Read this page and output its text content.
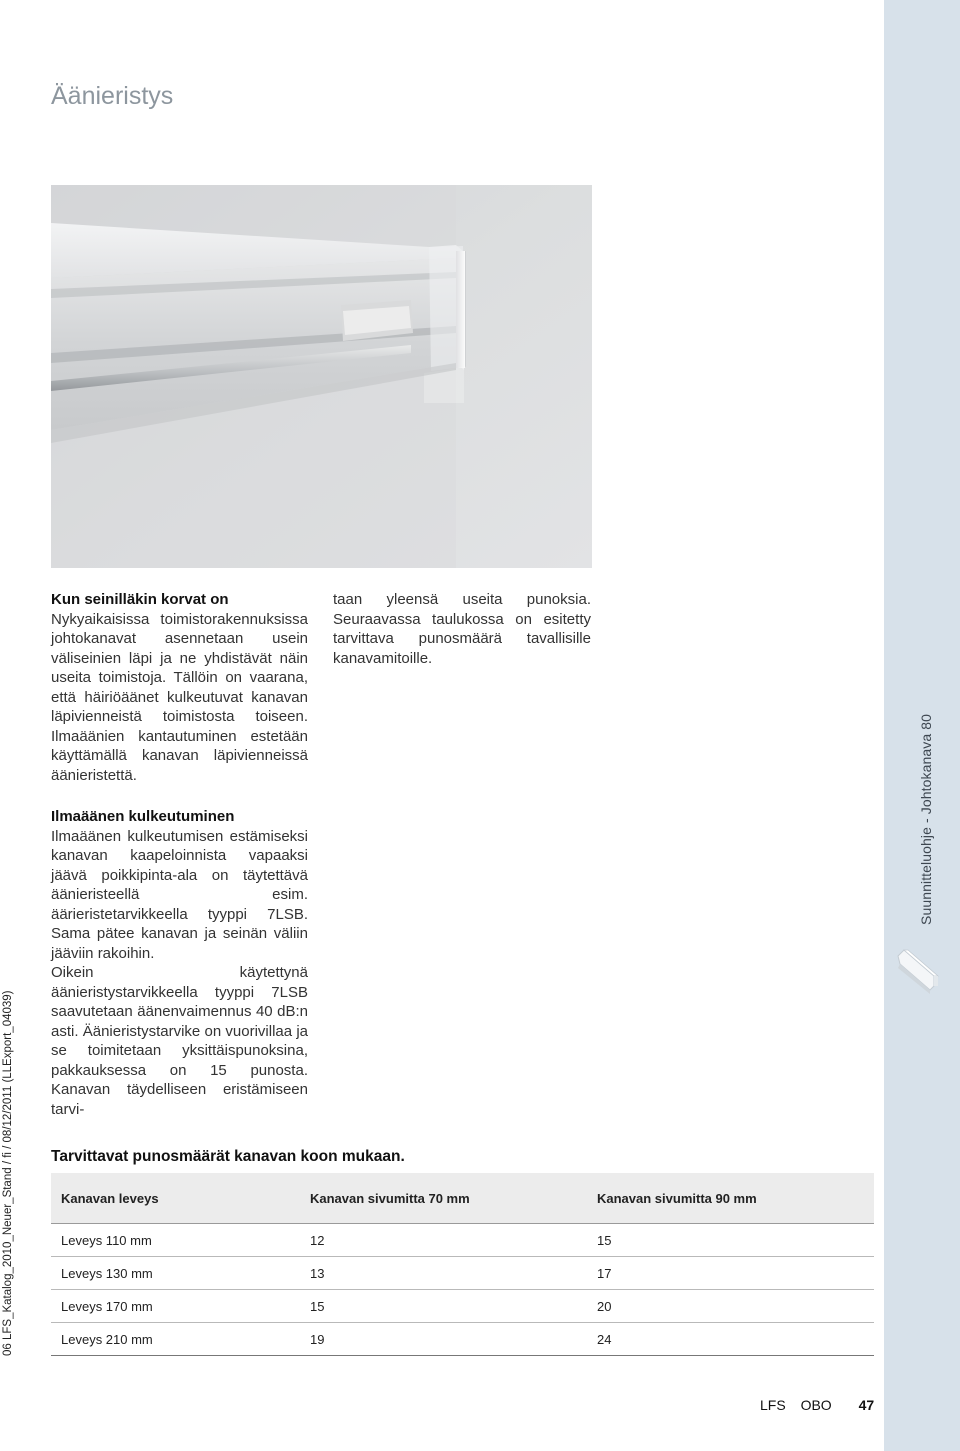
Suunnitteluohje - Johtokanava 80
06 LFS_Katalog_2010_Neuer_Stand / fi / 08/12/2011 (LLExport_04039)
Äänieristys
Kun seinilläkin korvat on

Nykyaikaisissa toimistorakennuksissa johtokanavat asennetaan usein väliseinien läpi ja ne yhdistävät näin useita toimistoja. Tällöin on vaarana, että häiriöäänet kulkeutuvat kanavan läpivienneistä toimistosta toiseen. Ilmaäänien kantautuminen estetään käyttämällä kanavan läpivienneissä äänieristettä.

Ilmaäänen kulkeutuminen

Ilmaäänen kulkeutumisen estämiseksi kanavan kaapeloinnista vapaaksi jäävä poikkipinta-ala on täytettävä äänieristeellä esim. äärieristetarvikkeella tyyppi 7LSB. Sama pätee kanavan ja seinän väliin jääviin rakoihin.

Oikein käytettynä äänieristystarvikkeella tyyppi 7LSB saavutetaan äänenvaimennus 40 dB:n asti. Äänieristystarvike on vuorivillaa ja se toimitetaan yksittäispunoksina, pakkauksessa on 15 punosta. Kanavan täydelliseen eristämiseen tarvi-

taan yleensä useita punoksia. Seuraavassa taulukossa on esitetty tarvittava punosmäärä tavallisille kanavamitoille.

Tarvittavat punosmäärät kanavan koon mukaan.
Kanavan leveys	Kanavan sivumitta 70 mm	Kanavan sivumitta 90 mm
Leveys 110 mm	12	15
Leveys 130 mm	13	17
Leveys 170 mm	15	20
Leveys 210 mm	19	24
LFS OBO 47
